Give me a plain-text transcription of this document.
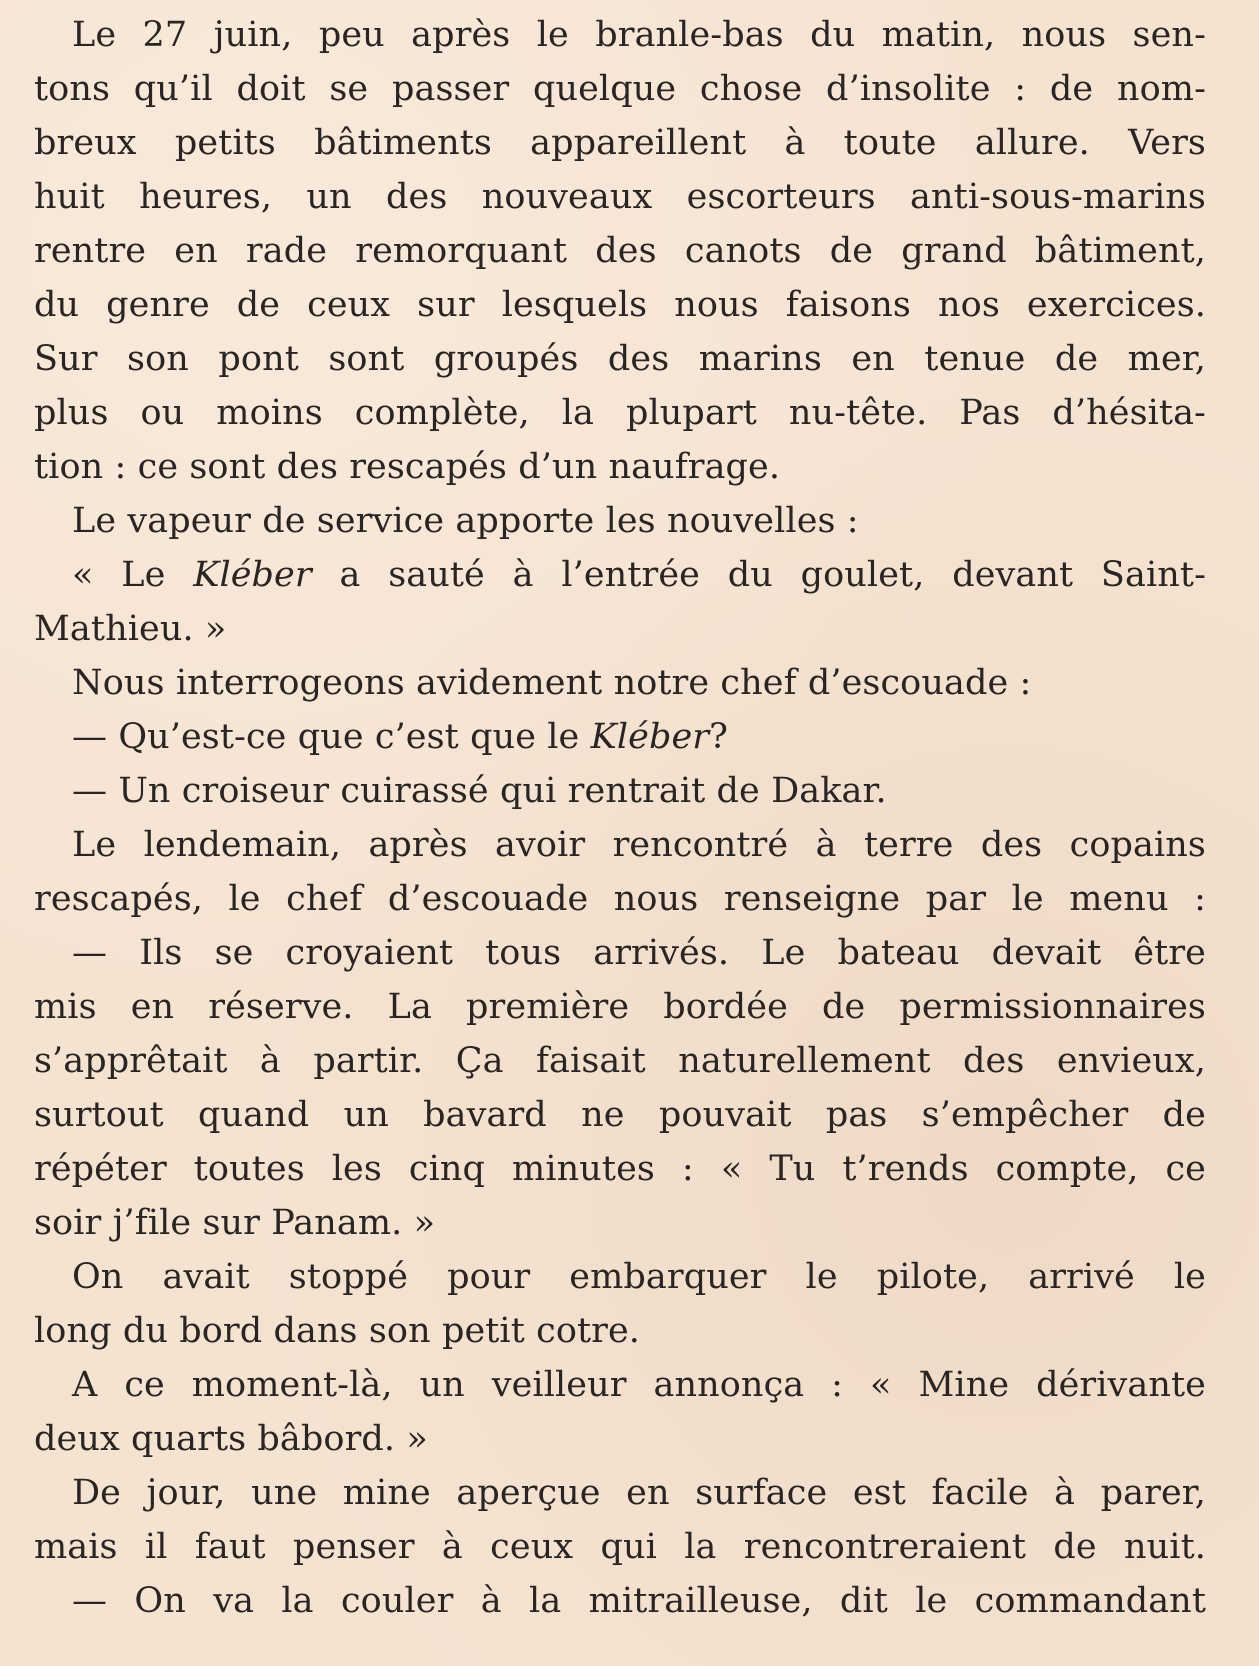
Le 27 juin, peu après le branle-bas du matin, nous sen-
tons qu’il doit se passer quelque chose d’insolite : de nom-
breux petits bâtiments appareillent à toute allure. Vers
huit heures, un des nouveaux escorteurs anti-sous-marins
rentre en rade remorquant des canots de grand bâtiment,
du genre de ceux sur lesquels nous faisons nos exercices.
Sur son pont sont groupés des marins en tenue de mer,
plus ou moins complète, la plupart nu-tête. Pas d’hésita-
tion : ce sont des rescapés d’un naufrage.
Le vapeur de service apporte les nouvelles :
« Le Kléber a sauté à l’entrée du goulet, devant Saint-
Mathieu. »
Nous interrogeons avidement notre chef d’escouade :
— Qu’est-ce que c’est que le Kléber?
— Un croiseur cuirassé qui rentrait de Dakar.
Le lendemain, après avoir rencontré à terre des copains
rescapés, le chef d’escouade nous renseigne par le menu :
— Ils se croyaient tous arrivés. Le bateau devait être
mis en réserve. La première bordée de permissionnaires
s’apprêtait à partir. Ça faisait naturellement des envieux,
surtout quand un bavard ne pouvait pas s’empêcher de
répéter toutes les cinq minutes : « Tu t’rends compte, ce
soir j’file sur Panam. »
On avait stoppé pour embarquer le pilote, arrivé le
long du bord dans son petit cotre.
A ce moment-là, un veilleur annonça : « Mine dérivante
deux quarts bâbord. »
De jour, une mine aperçue en surface est facile à parer,
mais il faut penser à ceux qui la rencontreraient de nuit.
— On va la couler à la mitrailleuse, dit le commandant
